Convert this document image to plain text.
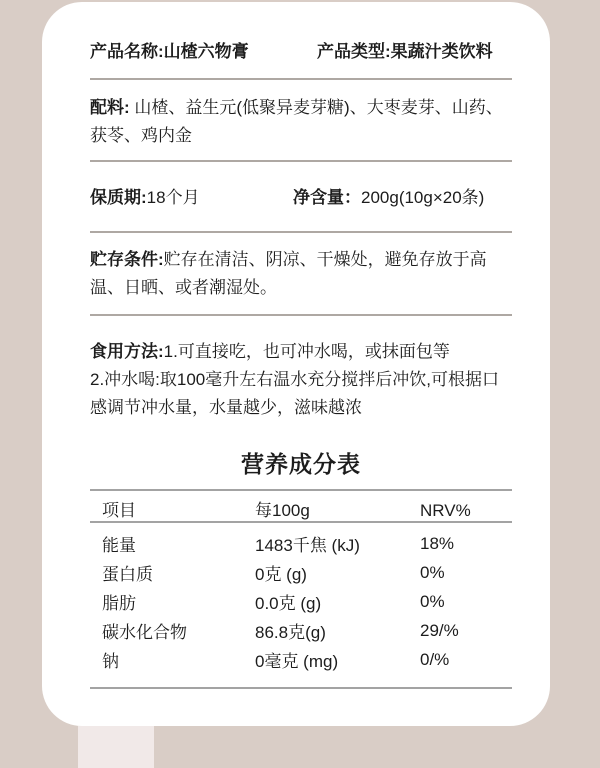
产品名称:山楂六物膏	产品类型:果蔬汁类饮料
配料: 山楂、益生元(低聚异麦芽糖)、大枣麦芽、山药、获苓、鸡内金
保质期:18个月	净含量：200g(10g×20条)
贮存条件:贮存在清洁、阴凉、干燥处，避免存放于高温、日晒、或者潮湿处。
食用方法:1.可直接吃，也可冲水喝，或抹面包等
2.冲水喝:取100毫升左右温水充分搅拌后冲饮,可根据口感调节冲水量，水量越少，滋味越浓
营养成分表
项目	每100g	NRV%
能量	1483千焦 (kJ)	18%
蛋白质	0克 (g)	0%
脂肪	0.0克 (g)	0%
碳水化合物	86.8克(g)	29/%
钠	0毫克 (mg)	0/%
